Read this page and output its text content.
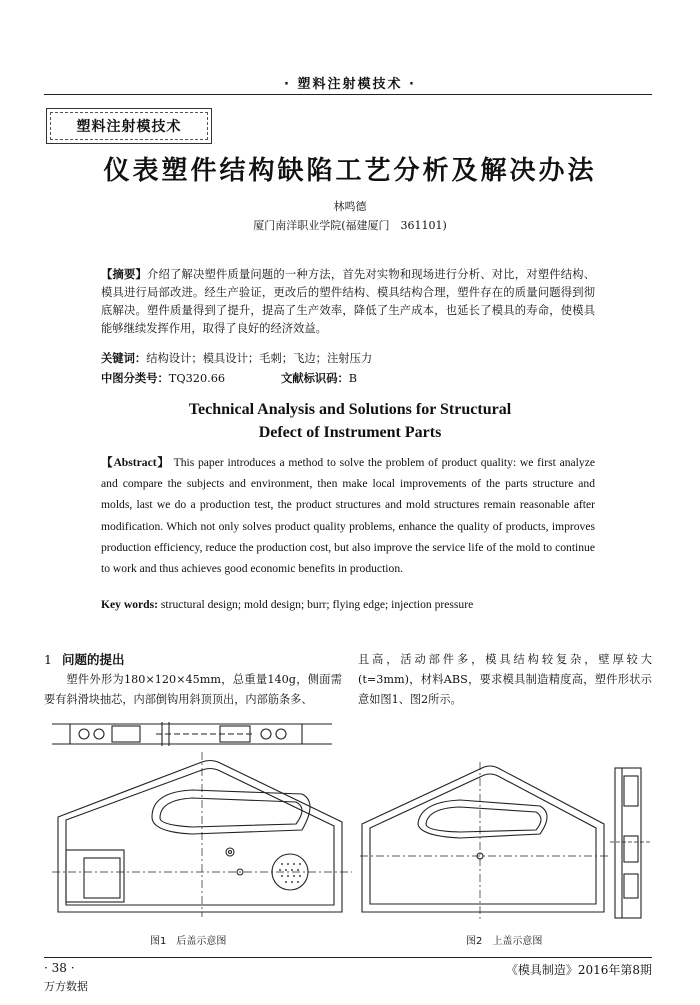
· 塑料注射模技术 ·
塑料注射模技术
仪表塑件结构缺陷工艺分析及解决办法
林鸣德
厦门南洋职业学院(福建厦门　361101)
【摘要】介绍了解决塑件质量问题的一种方法，首先对实物和现场进行分析、对比，对塑件结构、模具进行局部改进。经生产验证，更改后的塑件结构、模具结构合理，塑件存在的质量问题得到彻底解决。塑件质量得到了提升，提高了生产效率，降低了生产成本，也延长了模具的寿命，使模具能够继续发挥作用，取得了良好的经济效益。
关键词：结构设计；模具设计；毛刺；飞边；注射压力
中图分类号：TQ320.66	文献标识码：B
Technical Analysis and Solutions for Structural
Defect of Instrument Parts
【Abstract】 This paper introduces a method to solve the problem of product quality: we first analyze and compare the subjects and environment, then make local improvements of the parts structure and molds, last we do a production test, the product structures and mold structures remain reasonable after modification. Which not only solves product quality problems, enhance the quality of products, improves production efficiency, reduce the production cost, but also improve the service life of the mold to continue to work and thus achieves good economic benefits in production.
Key words: structural design; mold design; burr; flying edge; injection pressure
1 问题的提出
塑件外形为180×120×45mm，总重量140g，侧面需要有斜滑块抽芯，内部倒钩用斜顶顶出，内部筋条多、
且高，活动部件多，模具结构较复杂，壁厚较大(t=3mm)，材料ABS，要求模具制造精度高，塑件形状示意如图1、图2所示。
图1　后盖示意图	图2　上盖示意图
· 38 ·	《模具制造》2016年第8期
万方数据
